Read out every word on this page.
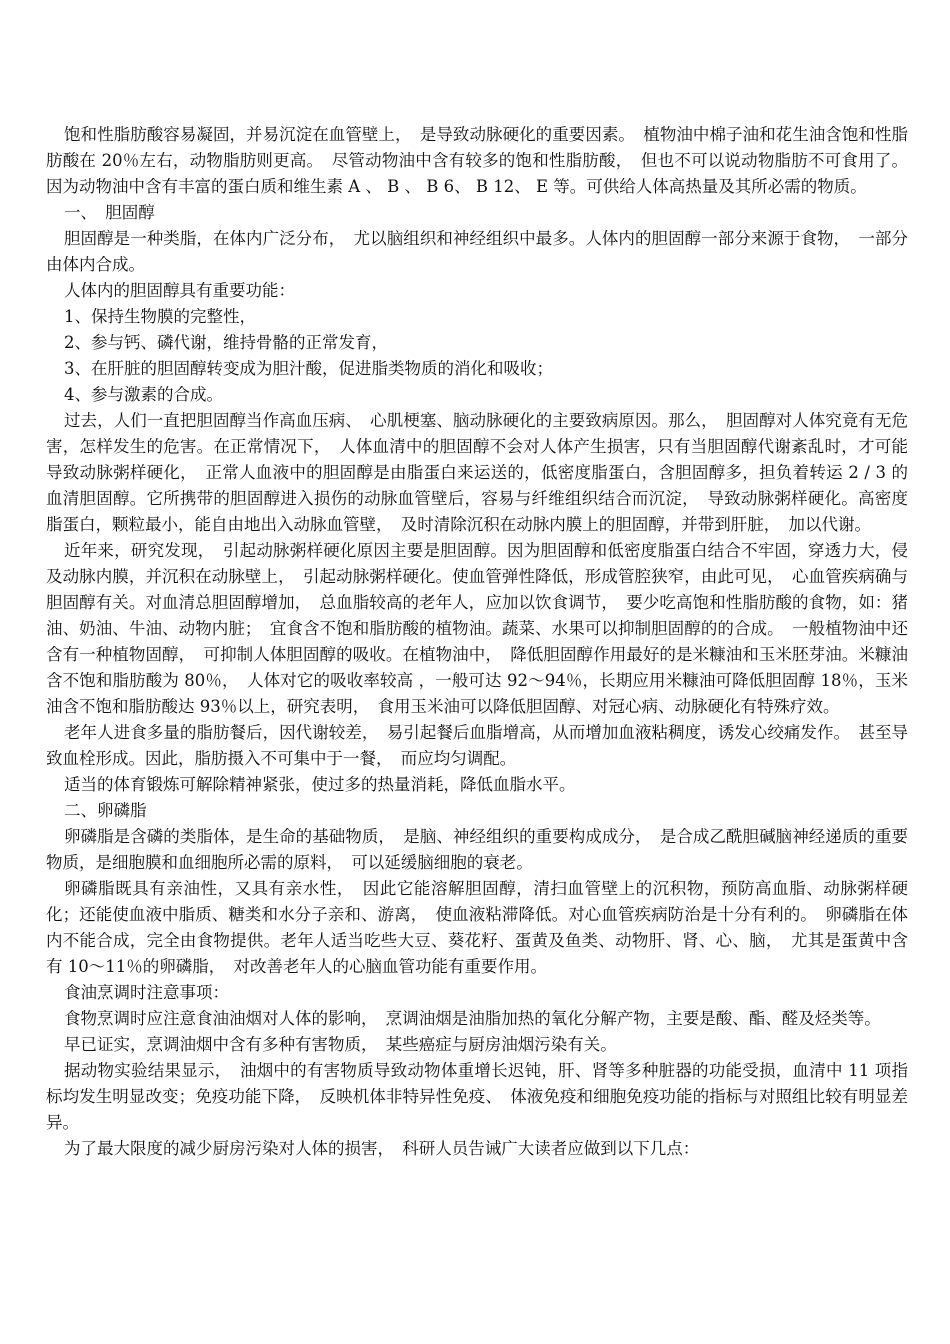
饱和性脂肪酸容易凝固，并易沉淀在血管壁上，　是导致动脉硬化的重要因素。　植物油中棉子油和花生油含饱和性脂肪酸在 20％左右，动物脂肪则更高。　尽管动物油中含有较多的饱和性脂肪酸，　但也不可以说动物脂肪不可食用了。因为动物油中含有丰富的蛋白质和维生素 A 、 B 、 B 6、 B 12、 E 等。可供给人体高热量及其所必需的物质。

一、　胆固醇

胆固醇是一种类脂，在体内广泛分布，　尤以脑组织和神经组织中最多。人体内的胆固醇一部分来源于食物，　一部分由体内合成。

人体内的胆固醇具有重要功能：

1、保持生物膜的完整性，

2、参与钙、磷代谢，维持骨骼的正常发育，

3、在肝脏的胆固醇转变成为胆汁酸，促进脂类物质的消化和吸收；

4、参与激素的合成。

过去，人们一直把胆固醇当作高血压病、　心肌梗塞、脑动脉硬化的主要致病原因。那么，　胆固醇对人体究竟有无危害，怎样发生的危害。在正常情况下，　人体血清中的胆固醇不会对人体产生损害，只有当胆固醇代谢紊乱时，才可能导致动脉粥样硬化，　正常人血液中的胆固醇是由脂蛋白来运送的，低密度脂蛋白，含胆固醇多，担负着转运 2 / 3 的血清胆固醇。它所携带的胆固醇进入损伤的动脉血管壁后，容易与纤维组织结合而沉淀，　导致动脉粥样硬化。高密度脂蛋白，颗粒最小，能自由地出入动脉血管壁，　及时清除沉积在动脉内膜上的胆固醇，并带到肝脏，　加以代谢。

近年来，研究发现，　引起动脉粥样硬化原因主要是胆固醇。因为胆固醇和低密度脂蛋白结合不牢固，穿透力大，侵及动脉内膜，并沉积在动脉壁上，　引起动脉粥样硬化。使血管弹性降低，形成管腔狭窄，由此可见，　心血管疾病确与胆固醇有关。对血清总胆固醇增加，　总血脂较高的老年人，应加以饮食调节，　要少吃高饱和性脂肪酸的食物，如：猪油、奶油、牛油、动物内脏；　宜食含不饱和脂肪酸的植物油。蔬菜、水果可以抑制胆固醇的的合成。　一般植物油中还含有一种植物固醇，　可抑制人体胆固醇的吸收。在植物油中，　降低胆固醇作用最好的是米糠油和玉米胚芽油。米糠油含不饱和脂肪酸为 80％，　人体对它的吸收率较高 ，一般可达 92～94％，长期应用米糠油可降低胆固醇 18％，玉米油含不饱和脂肪酸达 93％以上，研究表明，　食用玉米油可以降低胆固醇、对冠心病、动脉硬化有特殊疗效。

老年人进食多量的脂肪餐后，因代谢较差，　易引起餐后血脂增高，从而增加血液粘稠度，诱发心绞痛发作。　甚至导致血栓形成。因此，脂肪摄入不可集中于一餐，　而应均匀调配。

适当的体育锻炼可解除精神紧张，使过多的热量消耗，降低血脂水平。

二、卵磷脂

卵磷脂是含磷的类脂体，是生命的基础物质，　是脑、神经组织的重要构成成分，　是合成乙酰胆碱脑神经递质的重要物质，是细胞膜和血细胞所必需的原料，　可以延缓脑细胞的衰老。

卵磷脂既具有亲油性，又具有亲水性，　因此它能溶解胆固醇，清扫血管壁上的沉积物，预防高血脂、动脉粥样硬化；还能使血液中脂质、糖类和水分子亲和、游离，　使血液粘滞降低。对心血管疾病防治是十分有利的。　卵磷脂在体内不能合成，完全由食物提供。老年人适当吃些大豆、葵花籽、蛋黄及鱼类、动物肝、肾、心、脑，　尤其是蛋黄中含有 10～11％的卵磷脂，　对改善老年人的心脑血管功能有重要作用。

食油烹调时注意事项：

食物烹调时应注意食油油烟对人体的影响，　烹调油烟是油脂加热的氧化分解产物，主要是酸、酯、醛及烃类等。

早已证实，烹调油烟中含有多种有害物质，　某些癌症与厨房油烟污染有关。

据动物实验结果显示，　油烟中的有害物质导致动物体重增长迟钝，肝、肾等多种脏器的功能受损，血清中 11 项指标均发生明显改变；免疫功能下降，　反映机体非特异性免疫、　体液免疫和细胞免疫功能的指标与对照组比较有明显差异。

为了最大限度的减少厨房污染对人体的损害，　科研人员告诫广大读者应做到以下几点：
